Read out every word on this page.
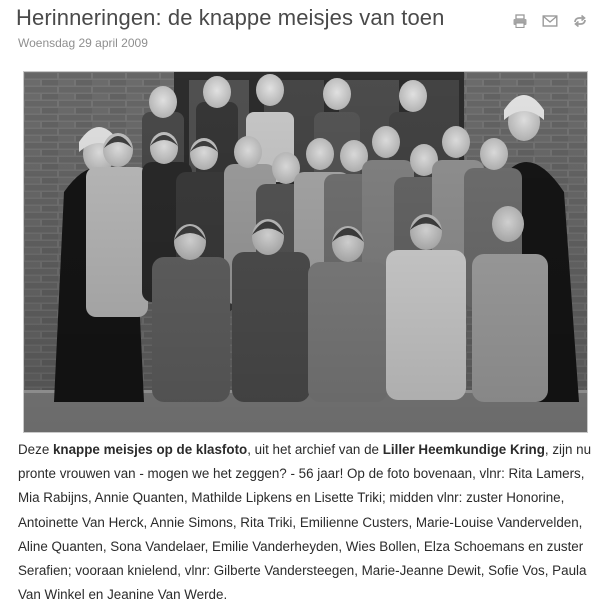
Herinneringen: de knappe meisjes van toen
Woensdag 29 april 2009
Deze knappe meisjes op de klasfoto, uit het archief van de Liller Heemkundige Kring, zijn nu pronte vrouwen van - mogen we het zeggen? - 56 jaar! Op de foto bovenaan, vlnr: Rita Lamers, Mia Rabijns, Annie Quanten, Mathilde Lipkens en Lisette Triki; midden vlnr: zuster Honorine, Antoinette Van Herck, Annie Simons, Rita Triki, Emilienne Custers, Marie-Louise Vandervelden, Aline Quanten, Sona Vandelaer, Emilie Vanderheyden, Wies Bollen, Elza Schoemans en zuster Serafien; vooraan knielend, vlnr: Gilberte Vandersteegen, Marie-Jeanne Dewit, Sofie Vos, Paula Van Winkel en Jeanine Van Werde.
